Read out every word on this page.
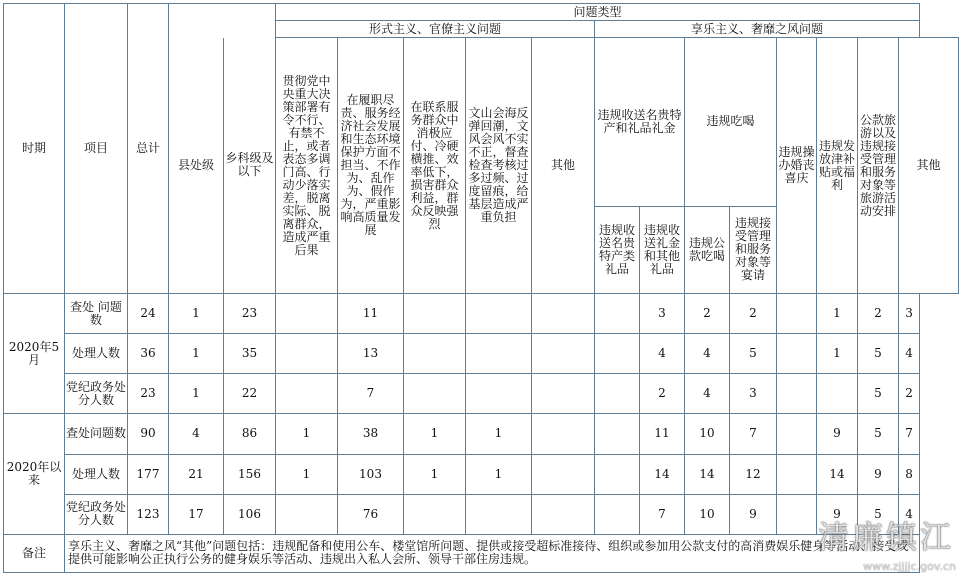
时期	项目	总计			问题类型												
					形式主义、官僚主义问题					享乐主义、奢靡之风问题							
			县处级	乡科级及以下	贯彻党中央重大决策部署有令不行、有禁不止，或者表态多调门高、行动少落实差，脱离实际、脱离群众，造成严重后果	在履职尽责、服务经济社会发展和生态环境保护方面不担当、不作为、乱作为、假作为，严重影响高质量发展	在联系服务群众中消极应付、冷硬横推、效率低下，损害群众利益，群众反映强烈	文山会海反弹回潮，文风会风不实不正，督查检查考核过多过频、过度留痕，给基层造成严重负担	其他	违规收送名贵特产和礼品礼金		违规吃喝		违规操办婚丧喜庆	违规发放津补贴或福利	公款旅游以及违规接受管理和服务对象等旅游活动安排	其他
										违规收送名贵特产类礼品	违规收送礼金和其他礼品	违规公款吃喝	违规接受管理和服务对象等宴请				
2020年5月	查处 问题数	24	1	23		11					3	2	2		1	2	3
	处理人数	36	1	35		13					4	4	5		1	5	4
	党纪政务处分人数	23	1	22		7					2	4	3			5	2
2020年以来	查处问题数	90	4	86	1	38	1	1			11	10	7		9	5	7
	处理人数	177	21	156	1	103	1	1			14	14	12		14	9	8
	党纪政务处分人数	123	17	106		76					7	10	9		9	5	4
备注	享乐主义、奢靡之风“其他”问题包括：违规配备和使用公车、楼堂馆所问题、提供或接受超标准接待、组织或参加用公款支付的高消费娱乐健身等活动、接受或提供可能影响公正执行公务的健身娱乐等活动、违规出入私人会所、领导干部住房违规。																
清廉镇江
www.zjjjjc.gov.cn
